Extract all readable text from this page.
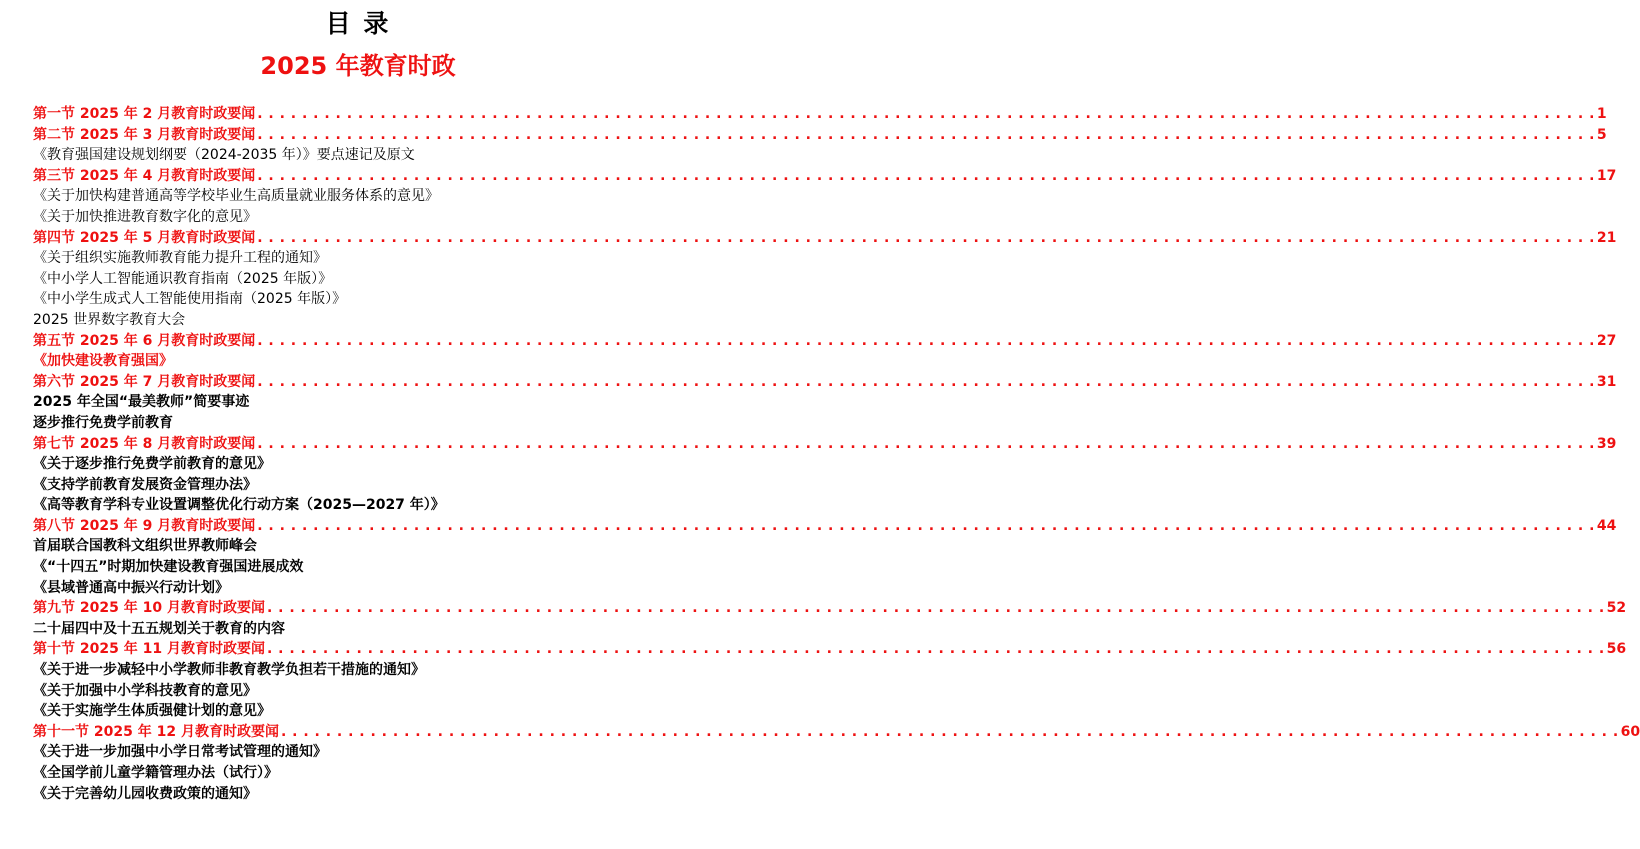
目 录
2025 年教育时政
第一节 2025 年 2 月教育时政要闻 . . . . . . . . . . . . . . . . . . . . . . . . . . . . . . . . . . . . . . . . . . . . . . . . . . . . . . . . . . . . . . . . . . . . . . . . . . . . . . . . . . . . . . . . . . . . . . . . . . . . . . . . . . . . . . . . . . . . . . . . 1
第二节 2025 年 3 月教育时政要闻 . . . . . . . . . . . . . . . . . . . . . . . . . . . . . . . . . . . . . . . . . . . . . . . . . . . . . . . . . . . . . . . . . . . . . . . . . . . . . . . . . . . . . . . . . . . . . . . . . . . . . . . . . . . . . . . . . . . . . . . . 5
《教育强国建设规划纲要（2024-2035 年）》要点速记及原文
第三节 2025 年 4 月教育时政要闻 . . . . . . . . . . . . . . . . . . . . . . . . . . . . . . . . . . . . . . . . . . . . . . . . . . . . . . . . . . . . . . . . . . . . . . . . . . . . . . . . . . . . . . . . . . . . . . . . . . . . . . . . . . . . . . . . . . . . . . . . 17
《关于加快构建普通高等学校毕业生高质量就业服务体系的意见》
《关于加快推进教育数字化的意见》
第四节 2025 年 5 月教育时政要闻 . . . . . . . . . . . . . . . . . . . . . . . . . . . . . . . . . . . . . . . . . . . . . . . . . . . . . . . . . . . . . . . . . . . . . . . . . . . . . . . . . . . . . . . . . . . . . . . . . . . . . . . . . . . . . . . . . . . . . . . . 21
《关于组织实施教师教育能力提升工程的通知》
《中小学人工智能通识教育指南（2025 年版）》
《中小学生成式人工智能使用指南（2025 年版）》
2025 世界数字教育大会
第五节 2025 年 6 月教育时政要闻 . . . . . . . . . . . . . . . . . . . . . . . . . . . . . . . . . . . . . . . . . . . . . . . . . . . . . . . . . . . . . . . . . . . . . . . . . . . . . . . . . . . . . . . . . . . . . . . . . . . . . . . . . . . . . . . . . . . . . . . . 27
《加快建设教育强国》
第六节 2025 年 7 月教育时政要闻 . . . . . . . . . . . . . . . . . . . . . . . . . . . . . . . . . . . . . . . . . . . . . . . . . . . . . . . . . . . . . . . . . . . . . . . . . . . . . . . . . . . . . . . . . . . . . . . . . . . . . . . . . . . . . . . . . . . . . . . . 31
2025 年全国“最美教师”简要事迹
逐步推行免费学前教育
第七节 2025 年 8 月教育时政要闻 . . . . . . . . . . . . . . . . . . . . . . . . . . . . . . . . . . . . . . . . . . . . . . . . . . . . . . . . . . . . . . . . . . . . . . . . . . . . . . . . . . . . . . . . . . . . . . . . . . . . . . . . . . . . . . . . . . . . . . . . 39
《关于逐步推行免费学前教育的意见》
《支持学前教育发展资金管理办法》
《高等教育学科专业设置调整优化行动方案（2025—2027 年）》
第八节 2025 年 9 月教育时政要闻 . . . . . . . . . . . . . . . . . . . . . . . . . . . . . . . . . . . . . . . . . . . . . . . . . . . . . . . . . . . . . . . . . . . . . . . . . . . . . . . . . . . . . . . . . . . . . . . . . . . . . . . . . . . . . . . . . . . . . . . . 44
首届联合国教科文组织世界教师峰会
《“十四五”时期加快建设教育强国进展成效
《县域普通高中振兴行动计划》
第九节 2025 年 10 月教育时政要闻 . . . . . . . . . . . . . . . . . . . . . . . . . . . . . . . . . . . . . . . . . . . . . . . . . . . . . . . . . . . . . . . . . . . . . . . . . . . . . . . . . . . . . . . . . . . . . . . . . . . . . . . . . . . . . . . . . . . . . . . . 52
二十届四中及十五五规划关于教育的内容
第十节 2025 年 11 月教育时政要闻 . . . . . . . . . . . . . . . . . . . . . . . . . . . . . . . . . . . . . . . . . . . . . . . . . . . . . . . . . . . . . . . . . . . . . . . . . . . . . . . . . . . . . . . . . . . . . . . . . . . . . . . . . . . . . . . . . . . . . . . . 56
《关于进一步减轻中小学教师非教育教学负担若干措施的通知》
《关于加强中小学科技教育的意见》
《关于实施学生体质强健计划的意见》
第十一节 2025 年 12 月教育时政要闻 . . . . . . . . . . . . . . . . . . . . . . . . . . . . . . . . . . . . . . . . . . . . . . . . . . . . . . . . . . . . . . . . . . . . . . . . . . . . . . . . . . . . . . . . . . . . . . . . . . . . . . . . . . . . . . . . . . . . . . . . 60
《关于进一步加强中小学日常考试管理的通知》
《全国学前儿童学籍管理办法（试行）》
《关于完善幼儿园收费政策的通知》
